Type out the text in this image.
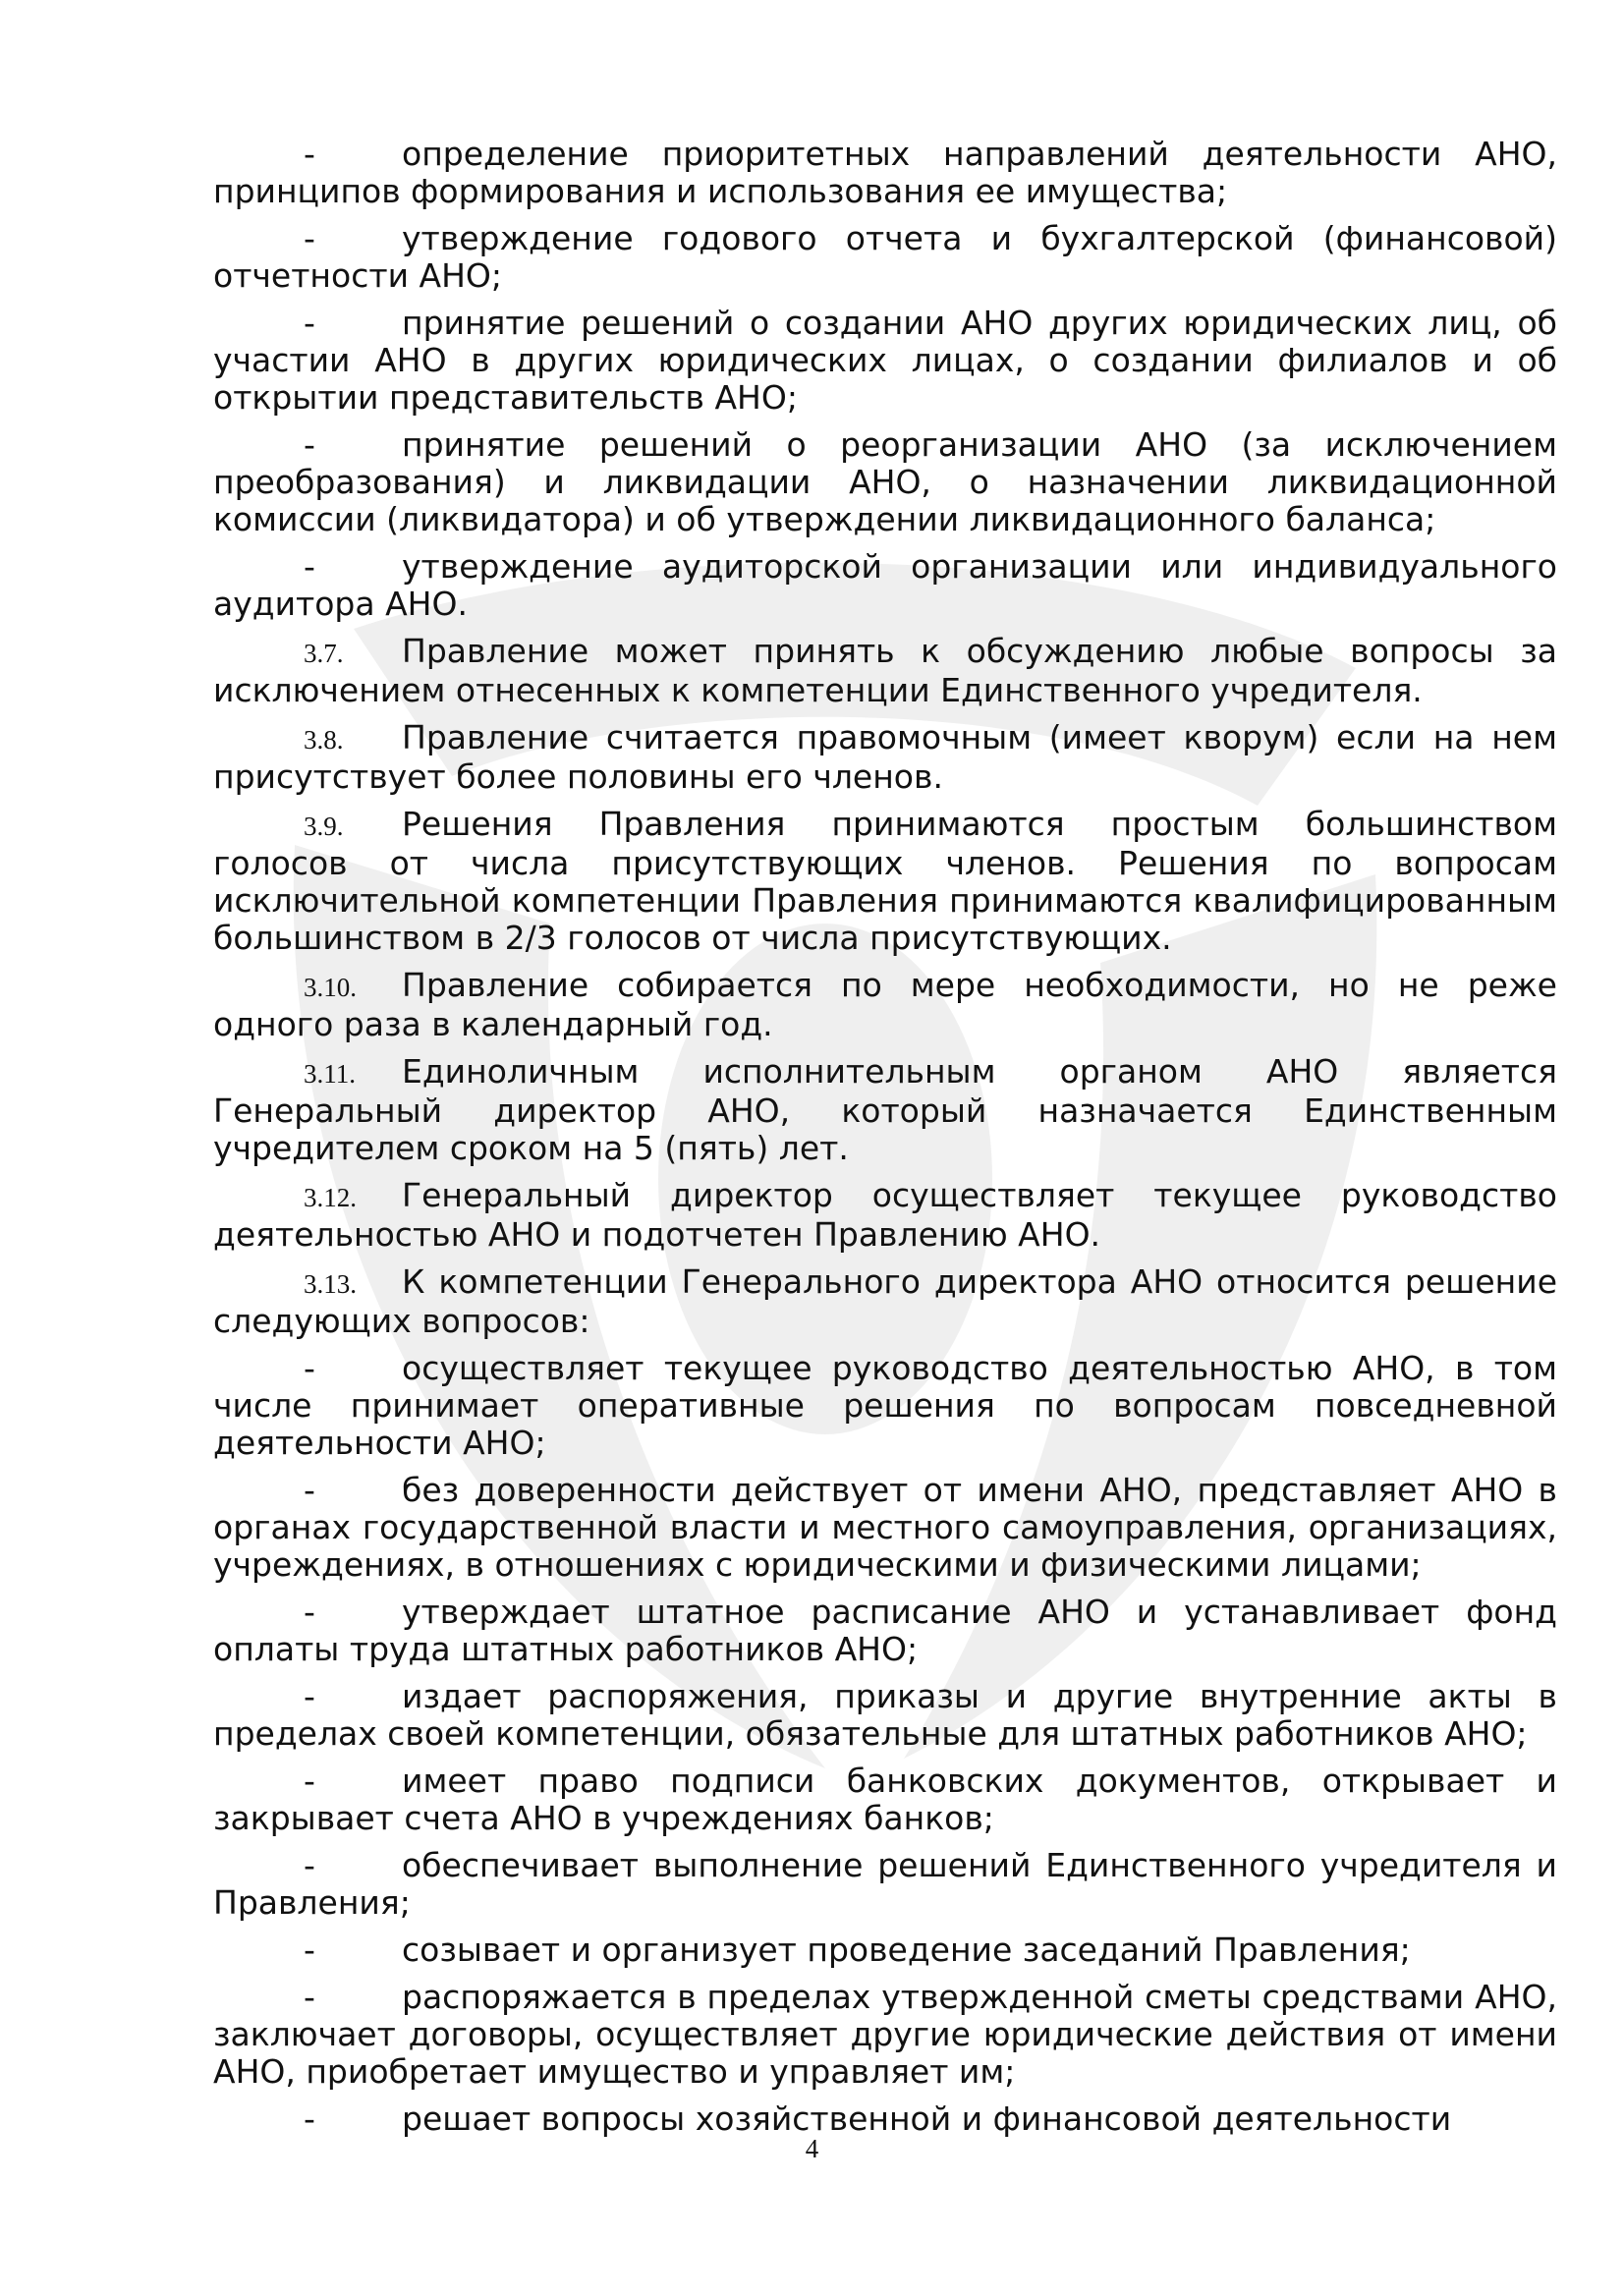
-	определение приоритетных направлений деятельности АНО, принципов формирования и использования ее имущества;
-	утверждение годового отчета и бухгалтерской (финансовой) отчетности АНО;
-	принятие решений о создании АНО других юридических лиц, об участии АНО в других юридических лицах, о создании филиалов и об открытии представительств АНО;
-	принятие решений о реорганизации АНО (за исключением преобразования) и ликвидации АНО, о назначении ликвидационной комиссии (ликвидатора) и об утверждении ликвидационного баланса;
-	утверждение аудиторской организации или индивидуального аудитора АНО.
3.7. Правление может принять к обсуждению любые вопросы за исключением отнесенных к компетенции Единственного учредителя.
3.8. Правление считается правомочным (имеет кворум) если на нем присутствует более половины его членов.
3.9. Решения Правления принимаются простым большинством голосов от числа присутствующих членов. Решения по вопросам исключительной компетенции Правления принимаются квалифицированным большинством в 2/3 голосов от числа присутствующих.
3.10. Правление собирается по мере необходимости, но не реже одного раза в календарный год.
3.11. Единоличным исполнительным органом АНО является Генеральный директор АНО, который назначается Единственным учредителем сроком на 5 (пять) лет.
3.12. Генеральный директор осуществляет текущее руководство деятельностью АНО и подотчетен Правлению АНО.
3.13. К компетенции Генерального директора АНО относится решение следующих вопросов:
-	осуществляет текущее руководство деятельностью АНО, в том числе принимает оперативные решения по вопросам повседневной деятельности АНО;
-	без доверенности действует от имени АНО, представляет АНО в органах государственной власти и местного самоуправления, организациях, учреждениях, в отношениях с юридическими и физическими лицами;
-	утверждает штатное расписание АНО и устанавливает фонд оплаты труда штатных работников АНО;
-	издает распоряжения, приказы и другие внутренние акты в пределах своей компетенции, обязательные для штатных работников АНО;
-	имеет право подписи банковских документов, открывает и закрывает счета АНО в учреждениях банков;
-	обеспечивает выполнение решений Единственного учредителя и Правления;
-	созывает и организует проведение заседаний Правления;
-	распоряжается в пределах утвержденной сметы средствами АНО, заключает договоры, осуществляет другие юридические действия от имени АНО, приобретает имущество и управляет им;
-	решает вопросы хозяйственной и финансовой деятельности
4
